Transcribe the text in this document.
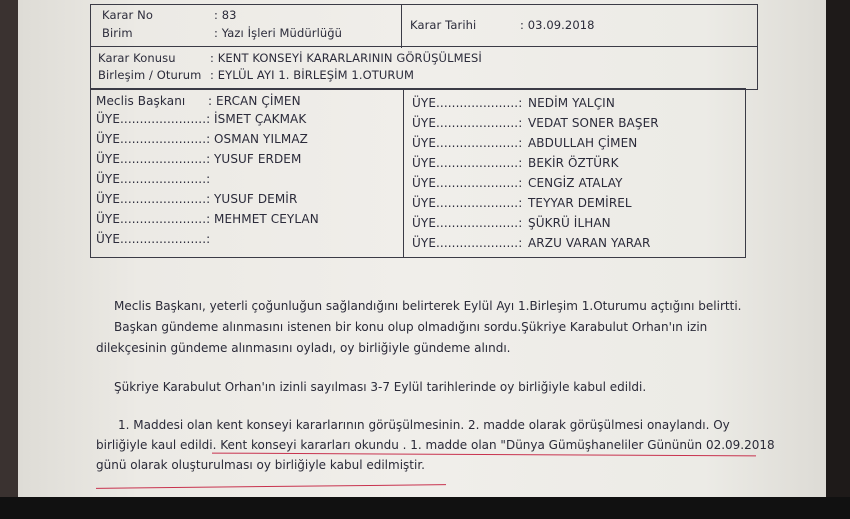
Karar No	: 83
Birim	: Yazı İşleri Müdürlüğü
Karar Tarihi	: 03.09.2018
Karar Konusu	: KENT KONSEYİ KARARLARININ GÖRÜŞÜLMESİ
Birleşim / Oturum : EYLÜL AYI 1. BİRLEŞİM 1.OTURUM
Meclis Başkanı : ERCAN ÇİMEN
ÜYE......................: İSMET ÇAKMAK
ÜYE......................: OSMAN YILMAZ
ÜYE......................: YUSUF ERDEM
ÜYE......................:
ÜYE......................: YUSUF DEMİR
ÜYE......................: MEHMET CEYLAN
ÜYE......................:
ÜYE.....................: NEDİM YALÇIN
ÜYE.....................: VEDAT SONER BAŞER
ÜYE.....................: ABDULLAH ÇİMEN
ÜYE.....................: BEKİR ÖZTÜRK
ÜYE.....................: CENGİZ ATALAY
ÜYE.....................: TEYYAR DEMİREL
ÜYE.....................: ŞÜKRÜ İLHAN
ÜYE.....................: ARZU VARAN YARAR
Meclis Başkanı, yeterli çoğunluğun sağlandığını belirterek Eylül Ayı 1.Birleşim 1.Oturumu açtığını belirtti.
Başkan gündeme alınmasını istenen bir konu olup olmadığını sordu.Şükriye Karabulut Orhan'ın izin
dilekçesinin gündeme alınmasını oyladı, oy birliğiyle gündeme alındı.
Şükriye Karabulut Orhan'ın izinli sayılması 3-7 Eylül tarihlerinde oy birliğiyle kabul edildi.
1. Maddesi olan kent konseyi kararlarının görüşülmesinin. 2. madde olarak görüşülmesi onaylandı. Oy
birliğiyle kaul edildi. Kent konseyi kararları okundu . 1. madde olan "Dünya Gümüşhaneliler Gününün 02.09.2018
günü olarak oluşturulması oy birliğiyle kabul edilmiştir.
